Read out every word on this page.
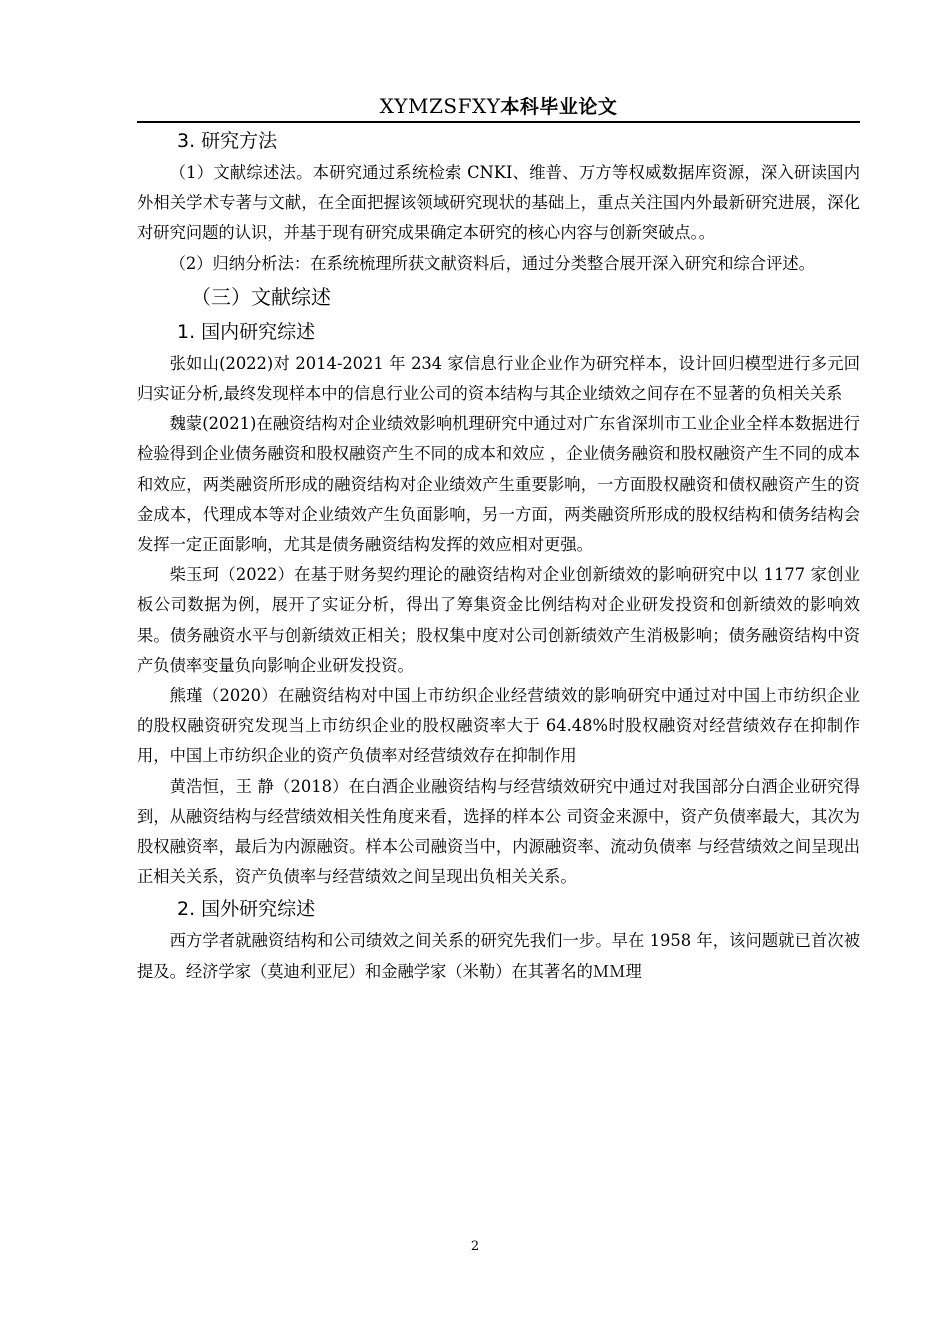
XYMZSFXY本科毕业论文
3. 研究方法

（1）文献综述法。本研究通过系统检索 CNKI、维普、万方等权威数据库资源，深入研读国内外相关学术专著与文献，在全面把握该领域研究现状的基础上，重点关注国内外最新研究进展，深化对研究问题的认识，并基于现有研究成果确定本研究的核心内容与创新突破点。。

（2）归纳分析法：在系统梳理所获文献资料后，通过分类整合展开深入研究和综合评述。

（三）文献综述
1. 国内研究综述

张如山(2022)对 2014-2021 年 234 家信息行业企业作为研究样本，设计回归模型进行多元回归实证分析,最终发现样本中的信息行业公司的资本结构与其企业绩效之间存在不显著的负相关关系

魏蒙(2021)在融资结构对企业绩效影响机理研究中通过对广东省深圳市工业企业全样本数据进行检验得到企业债务融资和股权融资产生不同的成本和效应 ，企业债务融资和股权融资产生不同的成本和效应，两类融资所形成的融资结构对企业绩效产生重要影响，一方面股权融资和债权融资产生的资金成本，代理成本等对企业绩效产生负面影响，另一方面，两类融资所形成的股权结构和债务结构会发挥一定正面影响，尤其是债务融资结构发挥的效应相对更强。

柴玉珂（2022）在基于财务契约理论的融资结构对企业创新绩效的影响研究中以 1177 家创业板公司数据为例，展开了实证分析，得出了筹集资金比例结构对企业研发投资和创新绩效的影响效果。债务融资水平与创新绩效正相关；股权集中度对公司创新绩效产生消极影响；债务融资结构中资产负债率变量负向影响企业研发投资。

熊瑾（2020）在融资结构对中国上市纺织企业经营绩效的影响研究中通过对中国上市纺织企业的股权融资研究发现当上市纺织企业的股权融资率大于 64.48%时股权融资对经营绩效存在抑制作用，中国上市纺织企业的资产负债率对经营绩效存在抑制作用

黄浩恒，王 静（2018）在白酒企业融资结构与经营绩效研究中通过对我国部分白酒企业研究得到，从融资结构与经营绩效相关性角度来看，选择的样本公 司资金来源中，资产负债率最大，其次为股权融资率，最后为内源融资。样本公司融资当中，内源融资率、流动负债率 与经营绩效之间呈现出正相关关系，资产负债率与经营绩效之间呈现出负相关关系。

2. 国外研究综述

西方学者就融资结构和公司绩效之间关系的研究先我们一步。早在 1958 年，该问题就已首次被提及。经济学家（莫迪利亚尼）和金融学家（米勒）在其著名的ＭＭ理

2
